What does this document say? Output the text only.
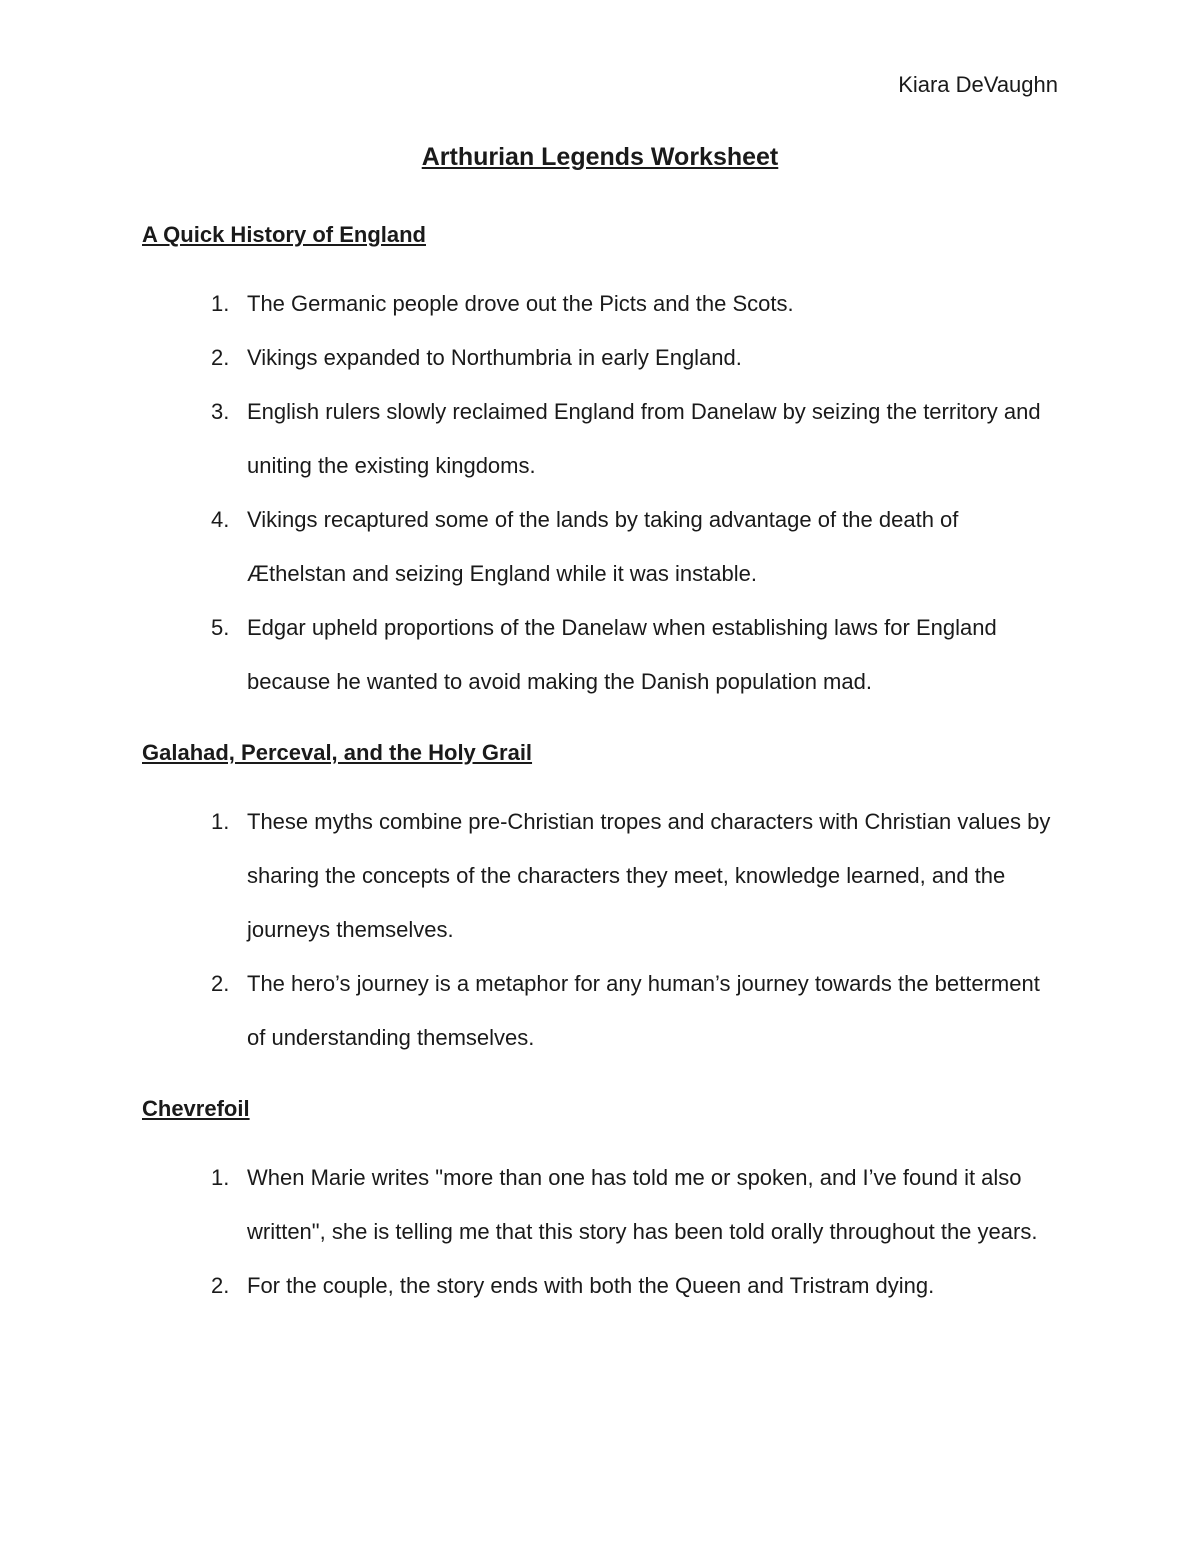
Kiara DeVaughn
Arthurian Legends Worksheet
A Quick History of England
1. The Germanic people drove out the Picts and the Scots.
2. Vikings expanded to Northumbria in early England.
3. English rulers slowly reclaimed England from Danelaw by seizing the territory and uniting the existing kingdoms.
4. Vikings recaptured some of the lands by taking advantage of the death of Æthelstan and seizing England while it was instable.
5. Edgar upheld proportions of the Danelaw when establishing laws for England because he wanted to avoid making the Danish population mad.
Galahad, Perceval, and the Holy Grail
1. These myths combine pre-Christian tropes and characters with Christian values by sharing the concepts of the characters they meet, knowledge learned, and the journeys themselves.
2. The hero’s journey is a metaphor for any human’s journey towards the betterment of understanding themselves.
Chevrefoil
1. When Marie writes "more than one has told me or spoken, and I’ve found it also written", she is telling me that this story has been told orally throughout the years.
2. For the couple, the story ends with both the Queen and Tristram dying.
